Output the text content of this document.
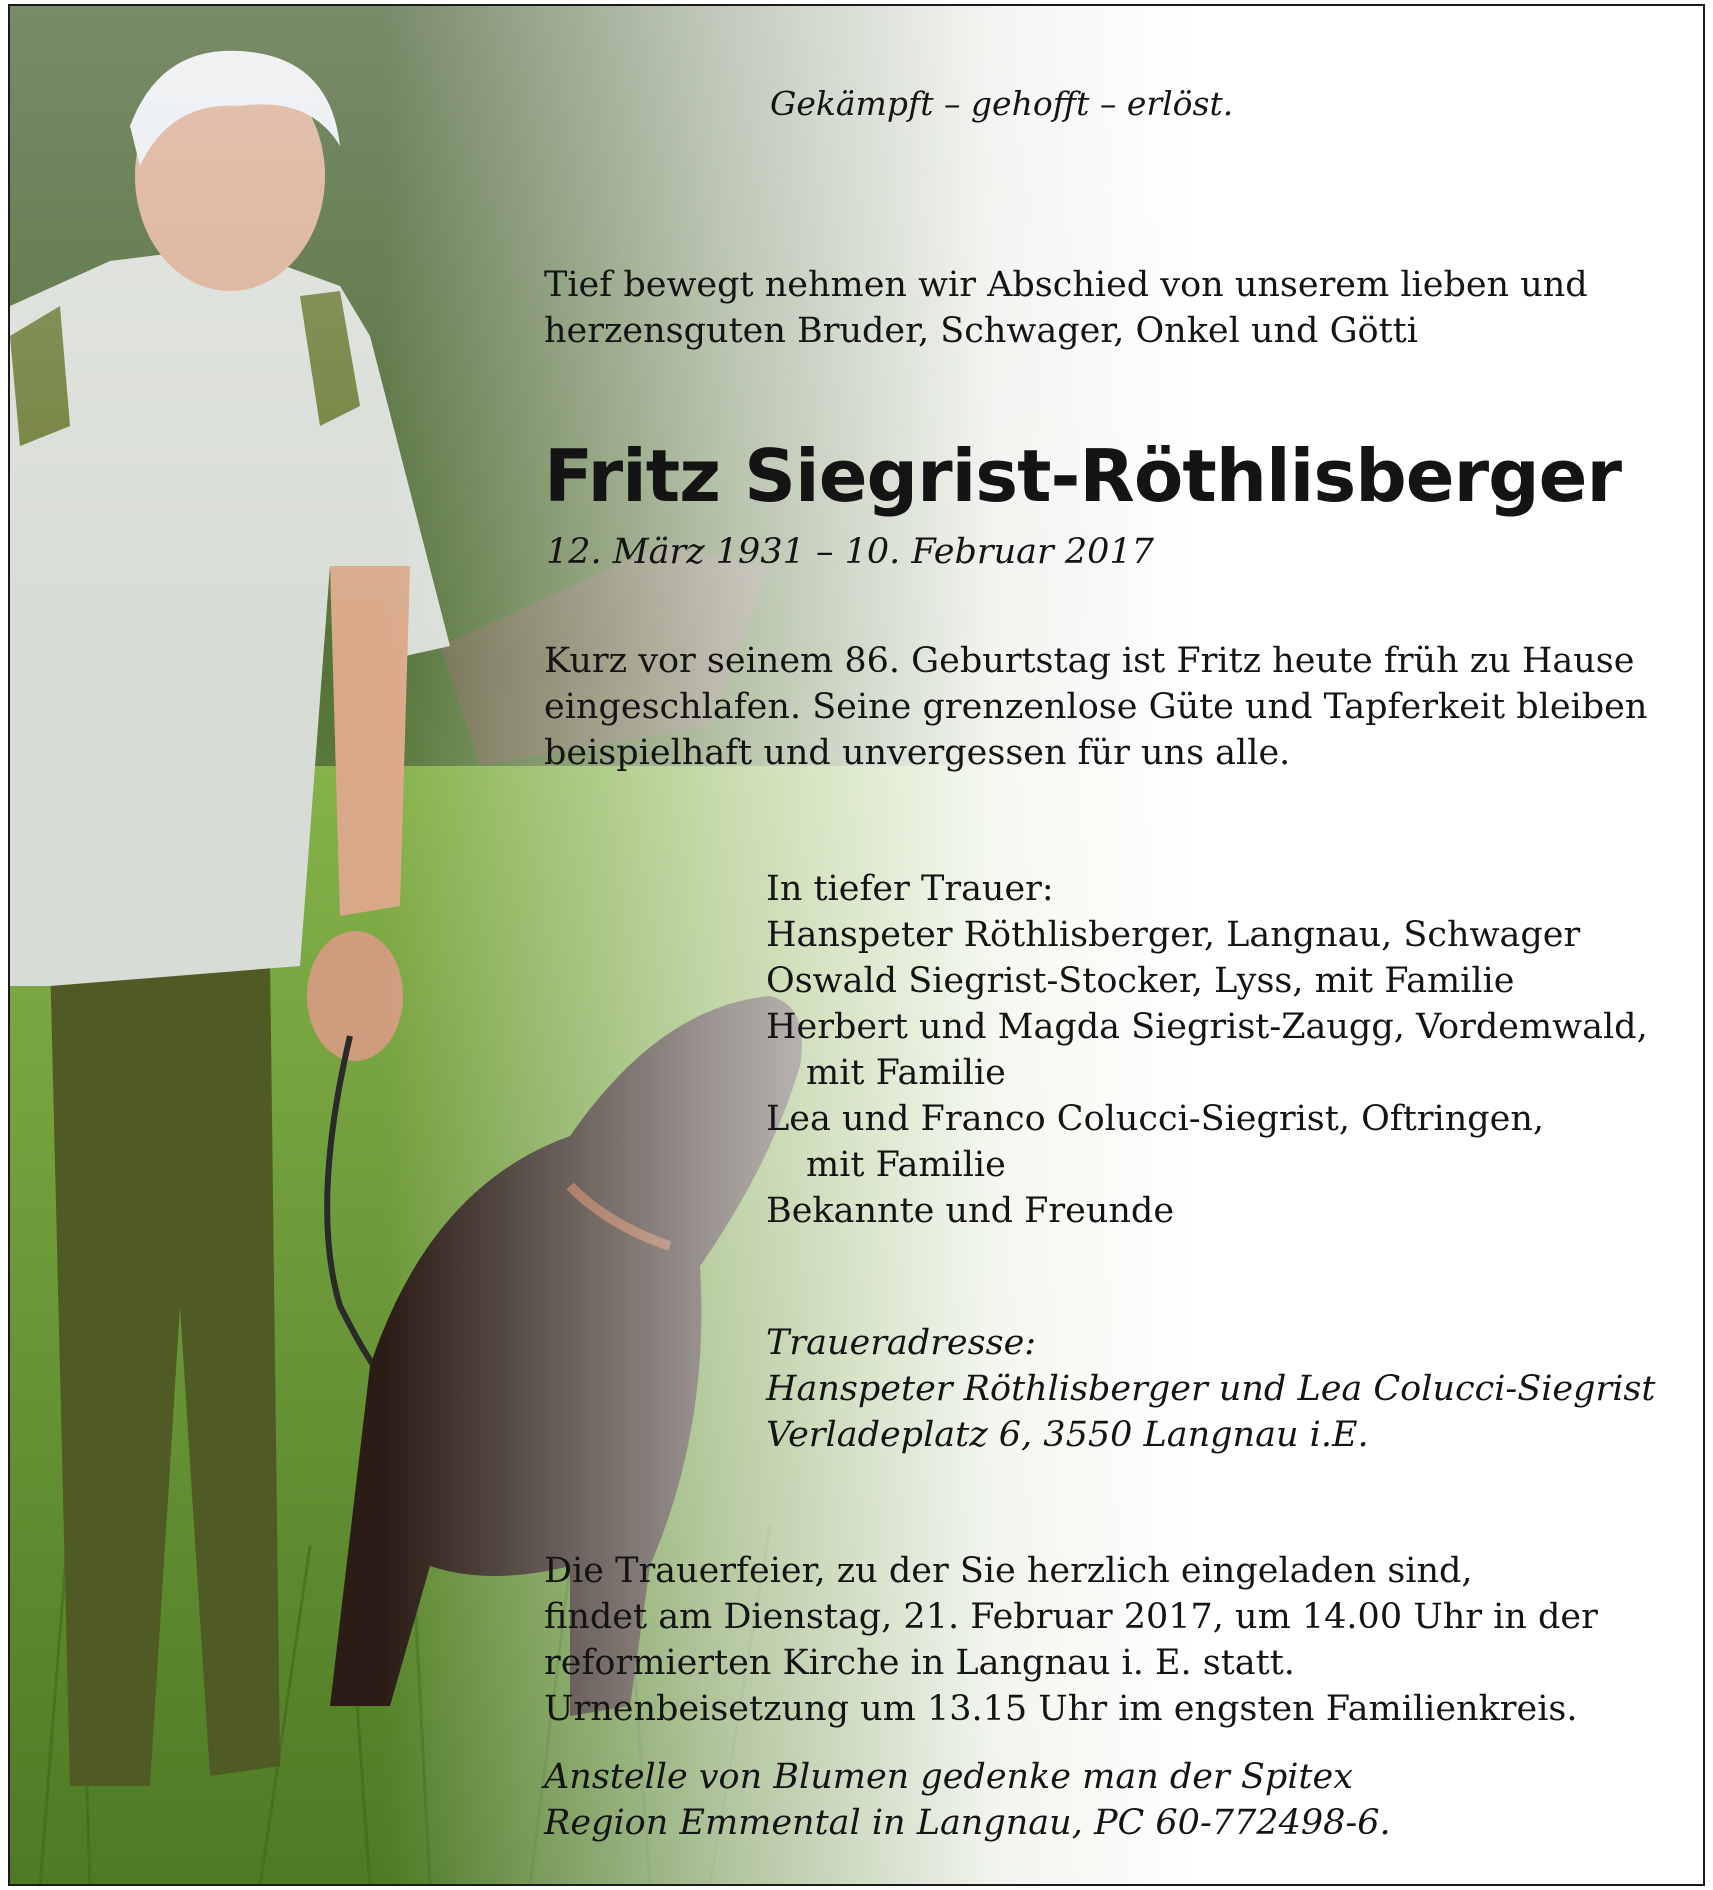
Gekämpft – gehofft – erlöst.
Tief bewegt nehmen wir Abschied von unserem lieben und
herzensguten Bruder, Schwager, Onkel und Götti
Fritz Siegrist-Röthlisberger
12. März 1931 – 10. Februar 2017
Kurz vor seinem 86. Geburtstag ist Fritz heute früh zu Hause
eingeschlafen. Seine grenzenlose Güte und Tapferkeit bleiben
beispielhaft und unvergessen für uns alle.
In tiefer Trauer:
Hanspeter Röthlisberger, Langnau, Schwager
Oswald Siegrist-Stocker, Lyss, mit Familie
Herbert und Magda Siegrist-Zaugg, Vordemwald,
mit Familie
Lea und Franco Colucci-Siegrist, Oftringen,
mit Familie
Bekannte und Freunde
Traueradresse:
Hanspeter Röthlisberger und Lea Colucci-Siegrist
Verladeplatz 6, 3550 Langnau i.E.
Die Trauerfeier, zu der Sie herzlich eingeladen sind,
findet am Dienstag, 21. Februar 2017, um 14.00 Uhr in der
reformierten Kirche in Langnau i. E. statt.
Urnenbeisetzung um 13.15 Uhr im engsten Familienkreis.
Anstelle von Blumen gedenke man der Spitex
Region Emmental in Langnau, PC 60-772498-6.
